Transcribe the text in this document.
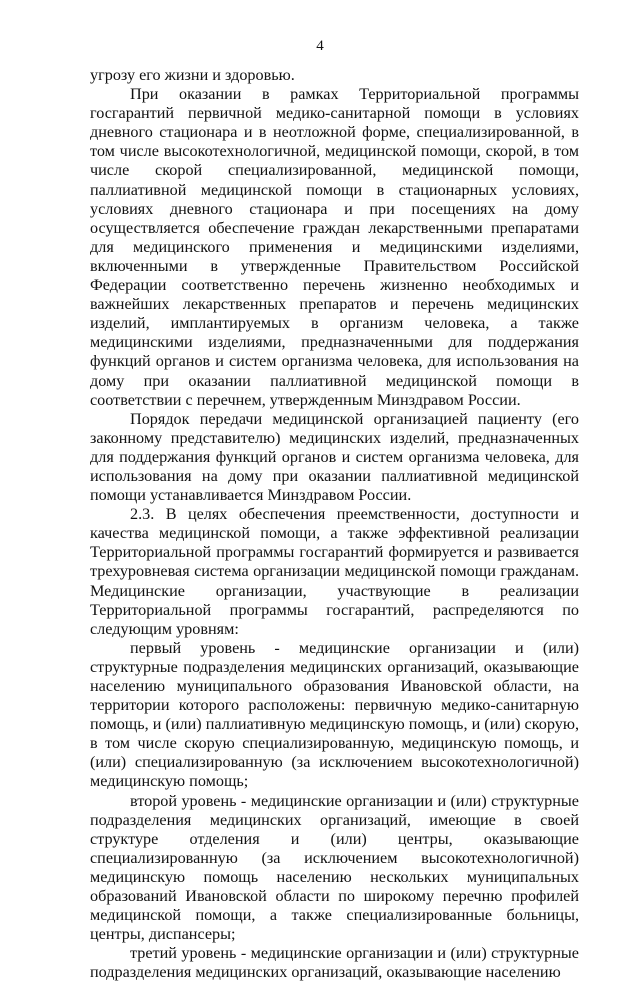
4

угрозу его жизни и здоровью.

При оказании в рамках Территориальной программы госгарантий первичной медико-санитарной помощи в условиях дневного стационара и в неотложной форме, специализированной, в том числе высокотехнологичной, медицинской помощи, скорой, в том числе скорой специализированной, медицинской помощи, паллиативной медицинской помощи в стационарных условиях, условиях дневного стационара и при посещениях на дому осуществляется обеспечение граждан лекарственными препаратами для медицинского применения и медицинскими изделиями, включенными в утвержденные Правительством Российской Федерации соответственно перечень жизненно необходимых и важнейших лекарственных препаратов и перечень медицинских изделий, имплантируемых в организм человека, а также медицинскими изделиями, предназначенными для поддержания функций органов и систем организма человека, для использования на дому при оказании паллиативной медицинской помощи в соответствии с перечнем, утвержденным Минздравом России.

Порядок передачи медицинской организацией пациенту (его законному представителю) медицинских изделий, предназначенных для поддержания функций органов и систем организма человека, для использования на дому при оказании паллиативной медицинской помощи устанавливается Минздравом России.

2.3. В целях обеспечения преемственности, доступности и качества медицинской помощи, а также эффективной реализации Территориальной программы госгарантий формируется и развивается трехуровневая система организации медицинской помощи гражданам. Медицинские организации, участвующие в реализации Территориальной программы госгарантий, распределяются по следующим уровням:

первый уровень - медицинские организации и (или) структурные подразделения медицинских организаций, оказывающие населению муниципального образования Ивановской области, на территории которого расположены: первичную медико-санитарную помощь, и (или) паллиативную медицинскую помощь, и (или) скорую, в том числе скорую специализированную, медицинскую помощь, и (или) специализированную (за исключением высокотехнологичной) медицинскую помощь;

второй уровень - медицинские организации и (или) структурные подразделения медицинских организаций, имеющие в своей структуре отделения и (или) центры, оказывающие специализированную (за исключением высокотехнологичной) медицинскую помощь населению нескольких муниципальных образований Ивановской области по широкому перечню профилей медицинской помощи, а также специализированные больницы, центры, диспансеры;

третий уровень - медицинские организации и (или) структурные подразделения медицинских организаций, оказывающие населению
